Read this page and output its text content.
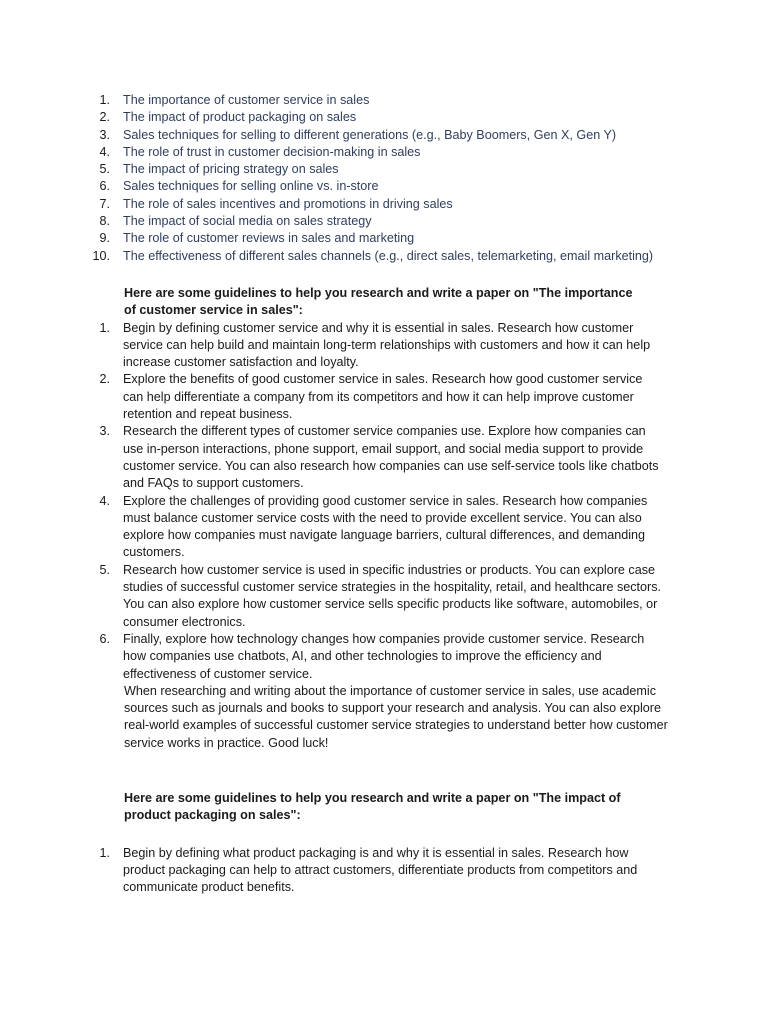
1.	The importance of customer service in sales
2.	The impact of product packaging on sales
3.	Sales techniques for selling to different generations (e.g., Baby Boomers, Gen X, Gen Y)
4.	The role of trust in customer decision-making in sales
5.	The impact of pricing strategy on sales
6.	Sales techniques for selling online vs. in-store
7.	The role of sales incentives and promotions in driving sales
8.	The impact of social media on sales strategy
9.	The role of customer reviews in sales and marketing
10.	The effectiveness of different sales channels (e.g., direct sales, telemarketing, email marketing)
Here are some guidelines to help you research and write a paper on "The importance of customer service in sales":
1.	Begin by defining customer service and why it is essential in sales. Research how customer service can help build and maintain long-term relationships with customers and how it can help increase customer satisfaction and loyalty.
2.	Explore the benefits of good customer service in sales. Research how good customer service can help differentiate a company from its competitors and how it can help improve customer retention and repeat business.
3.	Research the different types of customer service companies use. Explore how companies can use in-person interactions, phone support, email support, and social media support to provide customer service. You can also research how companies can use self-service tools like chatbots and FAQs to support customers.
4.	Explore the challenges of providing good customer service in sales. Research how companies must balance customer service costs with the need to provide excellent service. You can also explore how companies must navigate language barriers, cultural differences, and demanding customers.
5.	Research how customer service is used in specific industries or products. You can explore case studies of successful customer service strategies in the hospitality, retail, and healthcare sectors. You can also explore how customer service sells specific products like software, automobiles, or consumer electronics.
6.	Finally, explore how technology changes how companies provide customer service. Research how companies use chatbots, AI, and other technologies to improve the efficiency and effectiveness of customer service.
When researching and writing about the importance of customer service in sales, use academic sources such as journals and books to support your research and analysis. You can also explore real-world examples of successful customer service strategies to understand better how customer service works in practice. Good luck!
Here are some guidelines to help you research and write a paper on "The impact of product packaging on sales":
1.	Begin by defining what product packaging is and why it is essential in sales. Research how product packaging can help to attract customers, differentiate products from competitors and communicate product benefits.
